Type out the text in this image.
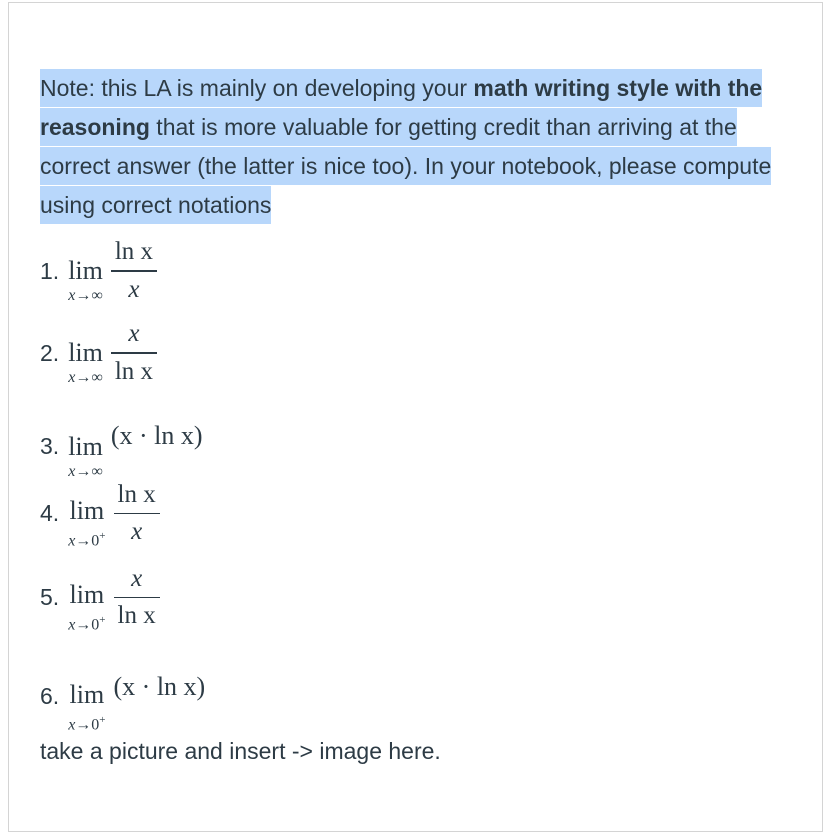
Note: this LA is mainly on developing your math writing style with the reasoning that is more valuable for getting credit than arriving at the correct answer (the latter is nice too). In your notebook, please compute using correct notations
1. lim
$x\to\infty \frac{\text{ln x}}{x}$
2. lim
$x\to\infty \frac{x}{\text{ln x}}$
3. lim
x→∞
(x · ln x)
4. lim
$x\to 0^+ \frac{\text{ln x}}{x}$
5. lim
$x\to 0^+ \frac{x}{\text{ln x}}$
6. lim
x→0+
(x · ln x)
take a picture and insert -> image here.
